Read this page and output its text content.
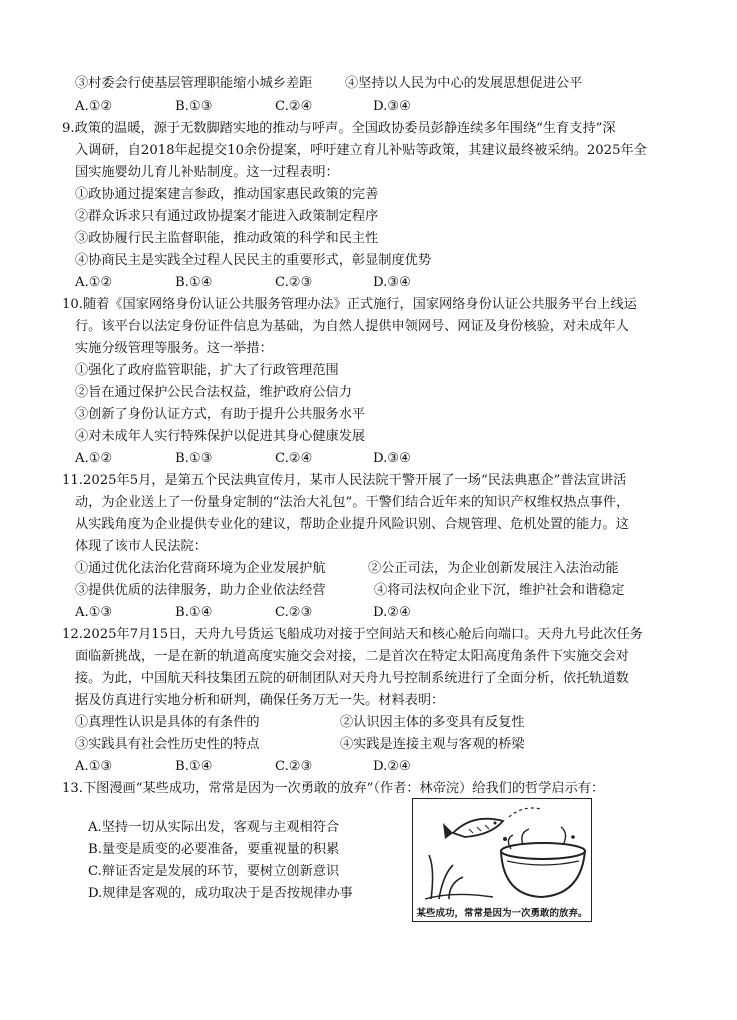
③村委会行使基层管理职能缩小城乡差距 ④坚持以人民为中心的发展思想促进公平
A.①②	B.①③	C.②④	D.③④
9.政策的温暖，源于无数脚踏实地的推动与呼声。全国政协委员彭静连续多年围绕“生育支持”深
入调研，自2018年起提交10余份提案，呼吁建立育儿补贴等政策，其建议最终被采纳。2025年全
国实施婴幼儿育儿补贴制度。这一过程表明：
①政协通过提案建言参政，推动国家惠民政策的完善
②群众诉求只有通过政协提案才能进入政策制定程序
③政协履行民主监督职能，推动政策的科学和民主性
④协商民主是实践全过程人民民主的重要形式，彰显制度优势
A.①②	B.①④	C.②③	D.③④
10.随着《国家网络身份认证公共服务管理办法》正式施行，国家网络身份认证公共服务平台上线运
行。该平台以法定身份证件信息为基础，为自然人提供申领网号、网证及身份核验，对未成年人
实施分级管理等服务。这一举措：
①强化了政府监管职能，扩大了行政管理范围
②旨在通过保护公民合法权益，维护政府公信力
③创新了身份认证方式，有助于提升公共服务水平
④对未成年人实行特殊保护以促进其身心健康发展
A.①②	B.①③	C.②④	D.③④
11.2025年5月，是第五个民法典宣传月，某市人民法院干警开展了一场“民法典惠企”普法宣讲活
动，为企业送上了一份量身定制的“法治大礼包”。干警们结合近年来的知识产权维权热点事件，
从实践角度为企业提供专业化的建议，帮助企业提升风险识别、合规管理、危机处置的能力。这
体现了该市人民法院：
①通过优化法治化营商环境为企业发展护航	②公正司法，为企业创新发展注入法治动能
③提供优质的法律服务，助力企业依法经营	④将司法权向企业下沉，维护社会和谐稳定
A.①③	B.①④	C.②③	D.②④
12.2025年7月15日，天舟九号货运飞船成功对接于空间站天和核心舱后向端口。天舟九号此次任务
面临新挑战，一是在新的轨道高度实施交会对接，二是首次在特定太阳高度角条件下实施交会对
接。为此，中国航天科技集团五院的研制团队对天舟九号控制系统进行了全面分析，依托轨道数
据及仿真进行实地分析和研判，确保任务万无一失。材料表明：
①真理性认识是具体的有条件的	②认识因主体的多变具有反复性
③实践具有社会性历史性的特点	④实践是连接主观与客观的桥梁
A.①③	B.①④	C.②③	D.②④
13.下图漫画“某些成功，常常是因为一次勇敢的放弃”（作者：林帝浣）给我们的哲学启示有：
A.坚持一切从实际出发，客观与主观相符合
B.量变是质变的必要准备，要重视量的积累
C.辩证否定是发展的环节，要树立创新意识
D.规律是客观的，成功取决于是否按规律办事
某些成功，常常是因为一次勇敢的放弃。
